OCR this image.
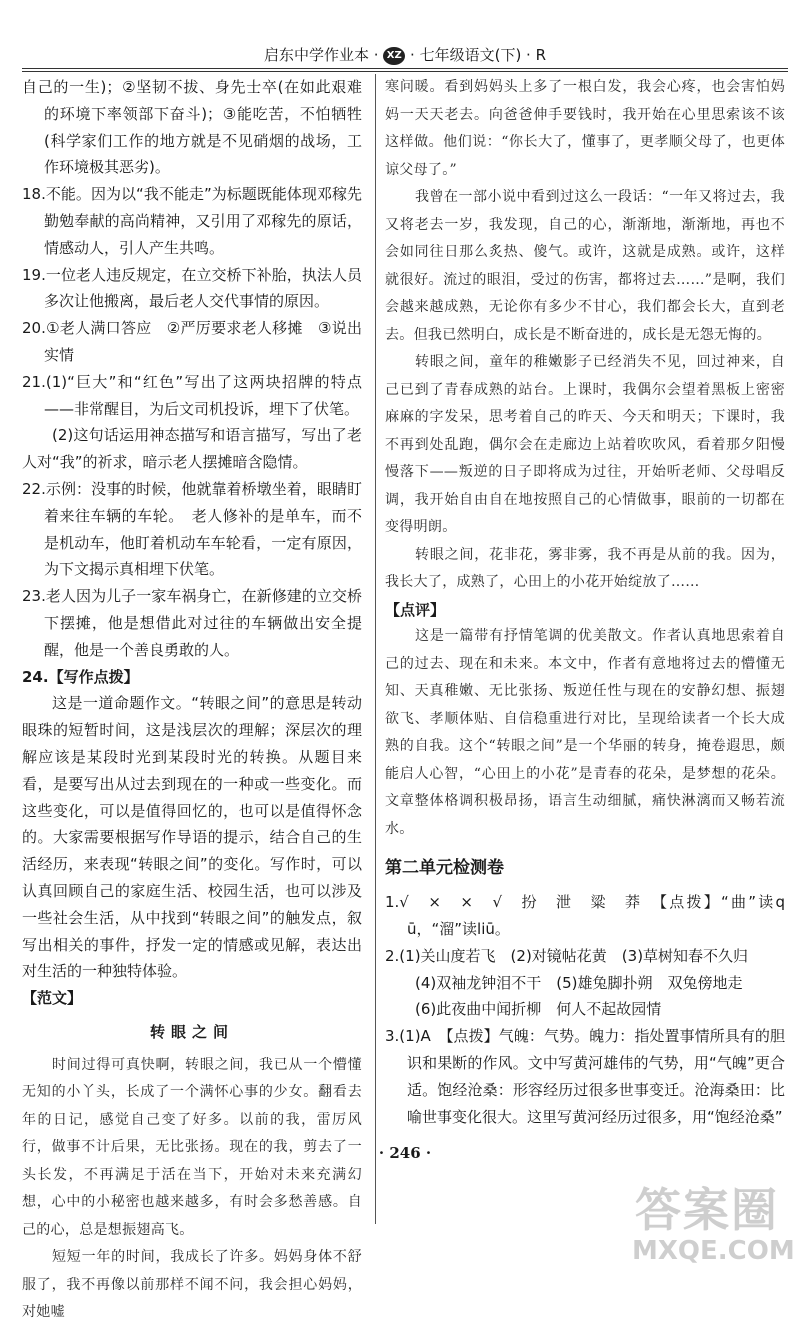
启东中学作业本 · XZ · 七年级语文(下) · R

自己的一生)；②坚韧不拔、身先士卒(在如此艰难的环境下率领部下奋斗)；③能吃苦，不怕牺牲(科学家们工作的地方就是不见硝烟的战场，工作环境极其恶劣)。

18.不能。因为以“我不能走”为标题既能体现邓稼先勤勉奉献的高尚精神，又引用了邓稼先的原话，情感动人，引人产生共鸣。

19.一位老人违反规定，在立交桥下补胎，执法人员多次让他搬离，最后老人交代事情的原因。

20.①老人满口答应　②严厉要求老人移摊　③说出实情

21.(1)“巨大”和“红色”写出了这两块招牌的特点——非常醒目，为后文司机投诉，埋下了伏笔。

(2)这句话运用神态描写和语言描写，写出了老人对“我”的祈求，暗示老人摆摊暗含隐情。

22.示例：没事的时候，他就靠着桥墩坐着，眼睛盯着来往车辆的车轮。　老人修补的是单车，而不是机动车，他盯着机动车车轮看，一定有原因，为下文揭示真相埋下伏笔。

23.老人因为儿子一家车祸身亡，在新修建的立交桥下摆摊，他是想借此对过往的车辆做出安全提醒，他是一个善良勇敢的人。

24.【写作点拨】

这是一道命题作文。“转眼之间”的意思是转动眼珠的短暂时间，这是浅层次的理解；深层次的理解应该是某段时光到某段时光的转换。从题目来看，是要写出从过去到现在的一种或一些变化。而这些变化，可以是值得回忆的，也可以是值得怀念的。大家需要根据写作导语的提示，结合自己的生活经历，来表现“转眼之间”的变化。写作时，可以认真回顾自己的家庭生活、校园生活，也可以涉及一些社会生活，从中找到“转眼之间”的触发点，叙写出相关的事件，抒发一定的情感或见解，表达出对生活的一种独特体验。

【范文】

转眼之间

时间过得可真快啊，转眼之间，我已从一个懵懂无知的小丫头，长成了一个满怀心事的少女。翻看去年的日记，感觉自己变了好多。以前的我，雷厉风行，做事不计后果，无比张扬。现在的我，剪去了一头长发，不再满足于活在当下，开始对未来充满幻想，心中的小秘密也越来越多，有时会多愁善感。自己的心，总是想振翅高飞。

短短一年的时间，我成长了许多。妈妈身体不舒服了，我不再像以前那样不闻不问，我会担心妈妈，对她嘘

寒问暖。看到妈妈头上多了一根白发，我会心疼，也会害怕妈妈一天天老去。向爸爸伸手要钱时，我开始在心里思索该不该这样做。他们说：“你长大了，懂事了，更孝顺父母了，也更体谅父母了。”

我曾在一部小说中看到过这么一段话：“一年又将过去，我又将老去一岁，我发现，自己的心，渐渐地，渐渐地，再也不会如同往日那么炙热、傻气。或许，这就是成熟。或许，这样就很好。流过的眼泪，受过的伤害，都将过去……”是啊，我们会越来越成熟，无论你有多少不甘心，我们都会长大，直到老去。但我已然明白，成长是不断奋进的，成长是无怨无悔的。

转眼之间，童年的稚嫩影子已经消失不见，回过神来，自己已到了青春成熟的站台。上课时，我偶尔会望着黑板上密密麻麻的字发呆，思考着自己的昨天、今天和明天；下课时，我不再到处乱跑，偶尔会在走廊边上站着吹吹风，看着那夕阳慢慢落下——叛逆的日子即将成为过往，开始听老师、父母唱反调，我开始自由自在地按照自己的心情做事，眼前的一切都在变得明朗。

转眼之间，花非花，雾非雾，我不再是从前的我。因为，我长大了，成熟了，心田上的小花开始绽放了……

【点评】

这是一篇带有抒情笔调的优美散文。作者认真地思索着自己的过去、现在和未来。本文中，作者有意地将过去的懵懂无知、天真稚嫩、无比张扬、叛逆任性与现在的安静幻想、振翅欲飞、孝顺体贴、自信稳重进行对比，呈现给读者一个长大成熟的自我。这个“转眼之间”是一个华丽的转身，掩卷遐思，颇能启人心智，“心田上的小花”是青春的花朵，是梦想的花朵。文章整体格调积极昂扬，语言生动细腻，痛快淋漓而又畅若流水。

第二单元检测卷

1.√　×　×　√　扮　泄　粱　莽　【点拨】“曲”读qū，“溜”读liū。

2.(1)关山度若飞　(2)对镜帖花黄　(3)草树知春不久归

(4)双袖龙钟泪不干　(5)雄兔脚扑朔　双兔傍地走

(6)此夜曲中闻折柳　何人不起故园情

3.(1)A　【点拨】气魄：气势。魄力：指处置事情所具有的胆识和果断的作风。文中写黄河雄伟的气势，用“气魄”更合适。饱经沧桑：形容经历过很多世事变迁。沧海桑田：比喻世事变化很大。这里写黄河经历过很多，用“饱经沧桑”

· 246 ·
答案圈
MXQE.COM
